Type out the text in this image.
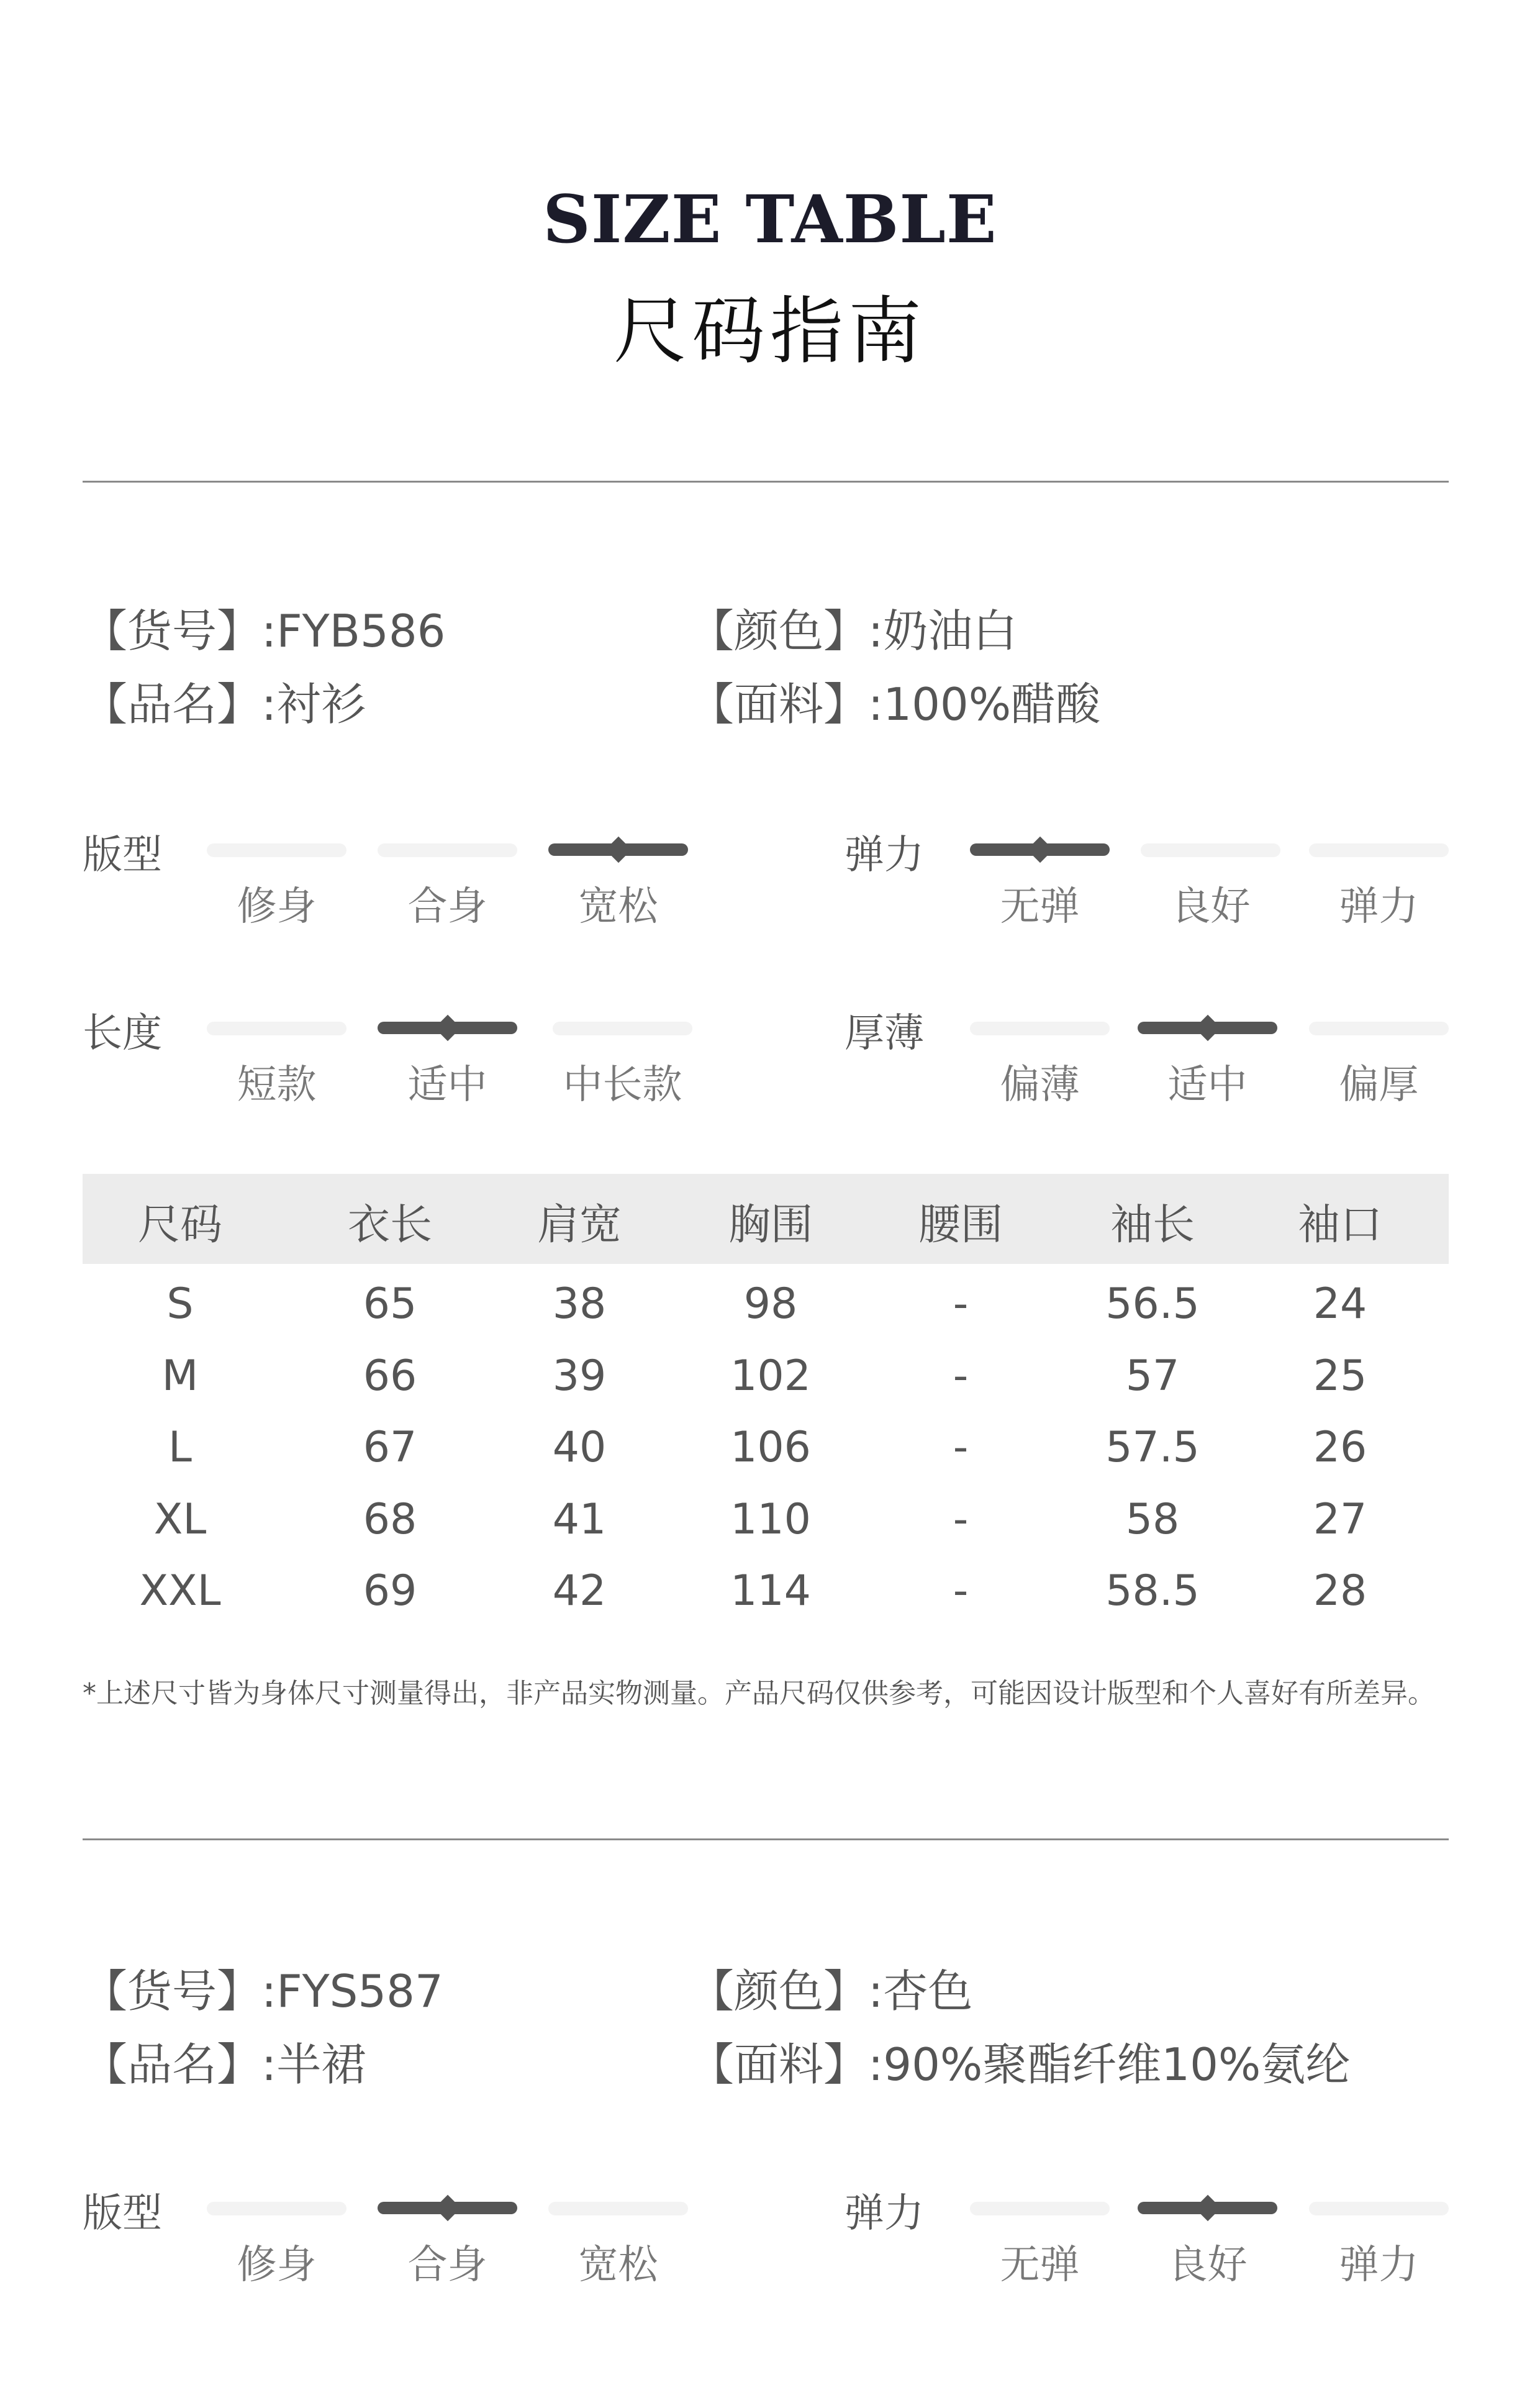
SIZE TABLE
尺码指南
【货号】:FYB586	【颜色】:奶油白
【品名】:衬衫	【面料】:100%醋酸
版型
修身	合身	宽松
弹力
无弹	良好	弹力
长度
短款	适中	中长款
厚薄
偏薄	适中	偏厚
尺码	衣长	肩宽	胸围	腰围	袖长	袖口
S	65	38	98	-	56.5	24
M	66	39	102	-	57	25
L	67	40	106	-	57.5	26
XL	68	41	110	-	58	27
XXL	69	42	114	-	58.5	28
*上述尺寸皆为身体尺寸测量得出，非产品实物测量。产品尺码仅供参考，可能因设计版型和个人喜好有所差异。
【货号】:FYS587	【颜色】:杏色
【品名】:半裙	【面料】:90%聚酯纤维10%氨纶
版型
修身	合身	宽松
弹力
无弹	良好	弹力
